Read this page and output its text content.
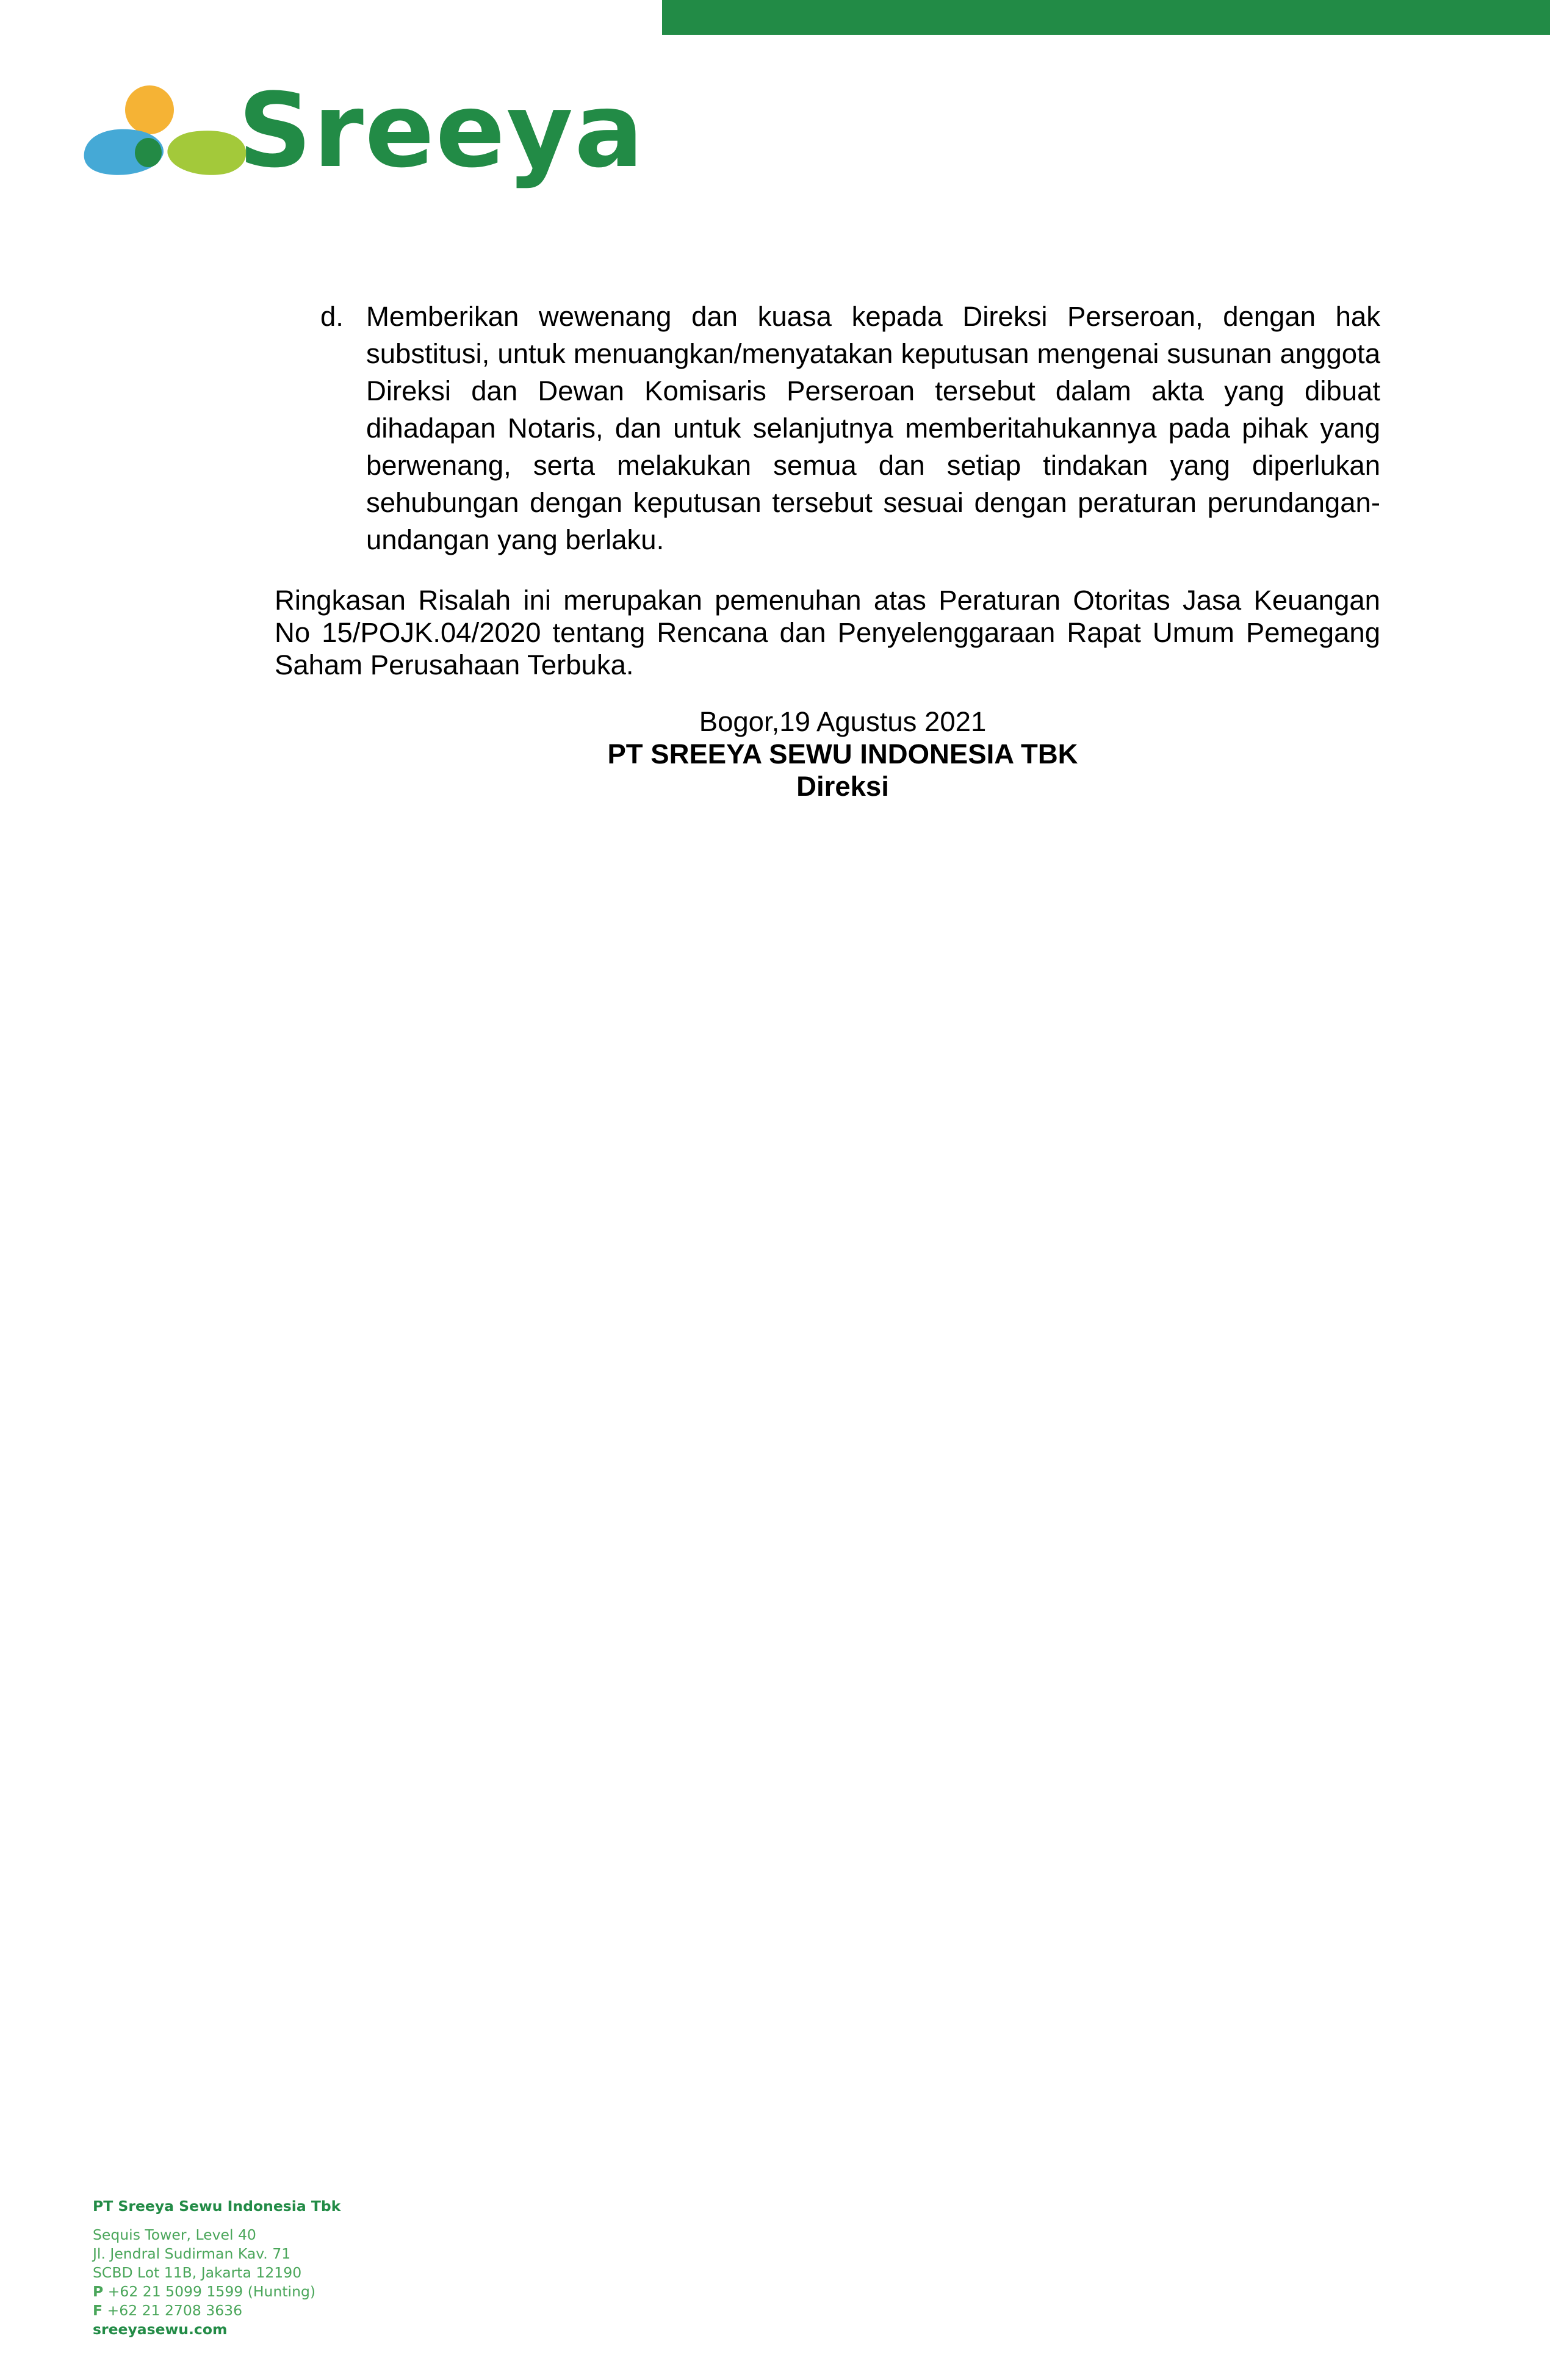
Sreeya
d. Memberikan wewenang dan kuasa kepada Direksi Perseroan, dengan hak substitusi, untuk menuangkan/menyatakan keputusan mengenai susunan anggota Direksi dan Dewan Komisaris Perseroan tersebut dalam akta yang dibuat dihadapan Notaris, dan untuk selanjutnya memberitahukannya pada pihak yang berwenang, serta melakukan semua dan setiap tindakan yang diperlukan sehubungan dengan keputusan tersebut sesuai dengan peraturan perundangan-undangan yang berlaku.
Ringkasan Risalah ini merupakan pemenuhan atas Peraturan Otoritas Jasa Keuangan No 15/POJK.04/2020 tentang Rencana dan Penyelenggaraan Rapat Umum Pemegang Saham Perusahaan Terbuka.
Bogor,19 Agustus 2021
PT SREEYA SEWU INDONESIA TBK
Direksi
PT Sreeya Sewu Indonesia Tbk
Sequis Tower, Level 40
Jl. Jendral Sudirman Kav. 71
SCBD Lot 11B, Jakarta 12190
P +62 21 5099 1599 (Hunting)
F +62 21 2708 3636
sreeyasewu.com
